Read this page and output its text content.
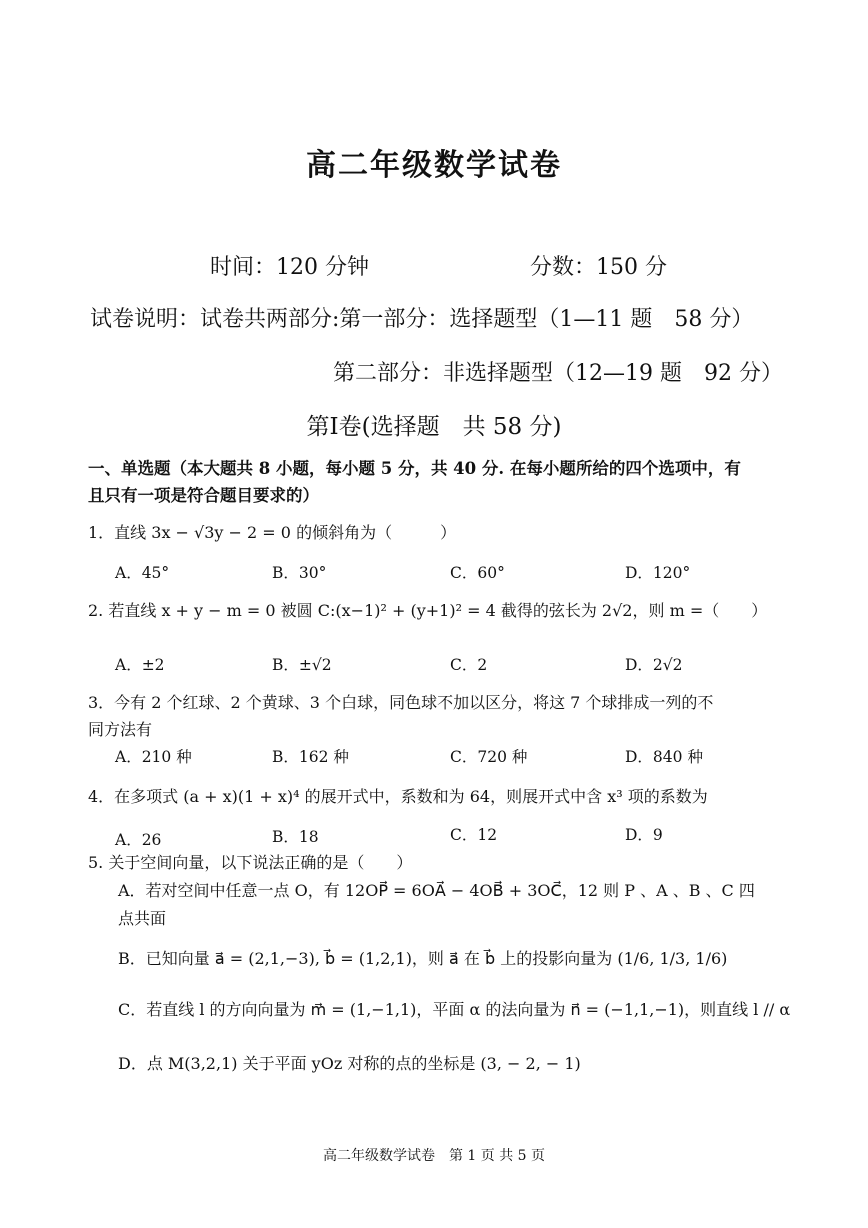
高二年级数学试卷
时间：120 分钟	分数：150 分
试卷说明：试卷共两部分:第一部分：选择题型（1—11 题　58 分）
第二部分：非选择题型（12—19 题　92 分）
第Ⅰ卷(选择题　共 58 分)
一、单选题（本大题共 8 小题，每小题 5 分，共 40 分. 在每小题所给的四个选项中，有
且只有一项是符合题目要求的）
1．直线 3x − √3y − 2 = 0 的倾斜角为（　　　）
A．45°	B．30°	C．60°	D．120°
2. 若直线 x + y − m = 0 被圆 C:(x−1)² + (y+1)² = 4 截得的弦长为 2√2，则 m =（　　）
A．±2	B．±√2	C．2	D．2√2
3．今有 2 个红球、2 个黄球、3 个白球，同色球不加以区分，将这 7 个球排成一列的不
同方法有
A．210 种	B．162 种	C．720 种	D．840 种
4．在多项式 (a + x)(1 + x)⁴ 的展开式中，系数和为 64，则展开式中含 x³ 项的系数为
A．26	B．18	C．12	D．9
5. 关于空间向量，以下说法正确的是（　　）
A．若对空间中任意一点 O，有 12OP⃗ = 6OA⃗ − 4OB⃗ + 3OC⃗，12 则 P 、A 、B 、C 四
点共面
B．已知向量 a⃗ = (2,1,−3), b⃗ = (1,2,1)，则 a⃗ 在 b⃗ 上的投影向量为 (1/6, 1/3, 1/6)
C．若直线 l 的方向向量为 m⃗ = (1,−1,1)，平面 α 的法向量为 n⃗ = (−1,1,−1)，则直线 l // α
D．点 M(3,2,1) 关于平面 yOz 对称的点的坐标是 (3, − 2, − 1)
高二年级数学试卷　第 1 页 共 5 页
